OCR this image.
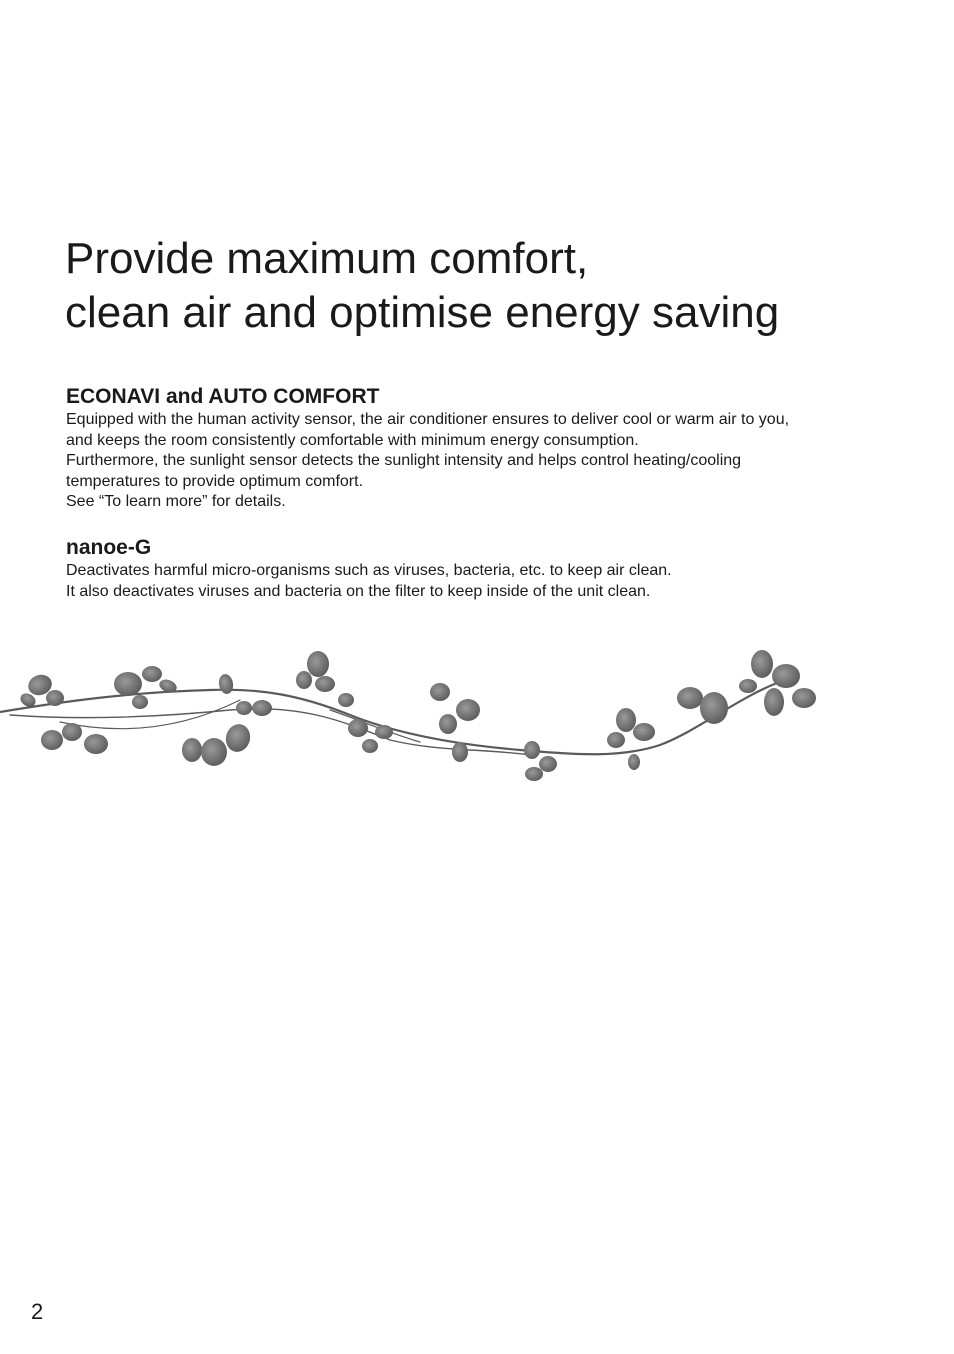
Provide maximum comfort,
clean air and optimise energy saving
ECONAVI and AUTO COMFORT

Equipped with the human activity sensor, the air conditioner ensures to deliver cool or warm air to you,

and keeps the room consistently comfortable with minimum energy consumption.

Furthermore, the sunlight sensor detects the sunlight intensity and helps control heating/cooling

temperatures to provide optimum comfort.

See “To learn more” for details.

nanoe-G

Deactivates harmful micro-organisms such as viruses, bacteria, etc. to keep air clean.

It also deactivates viruses and bacteria on the filter to keep inside of the unit clean.

2
